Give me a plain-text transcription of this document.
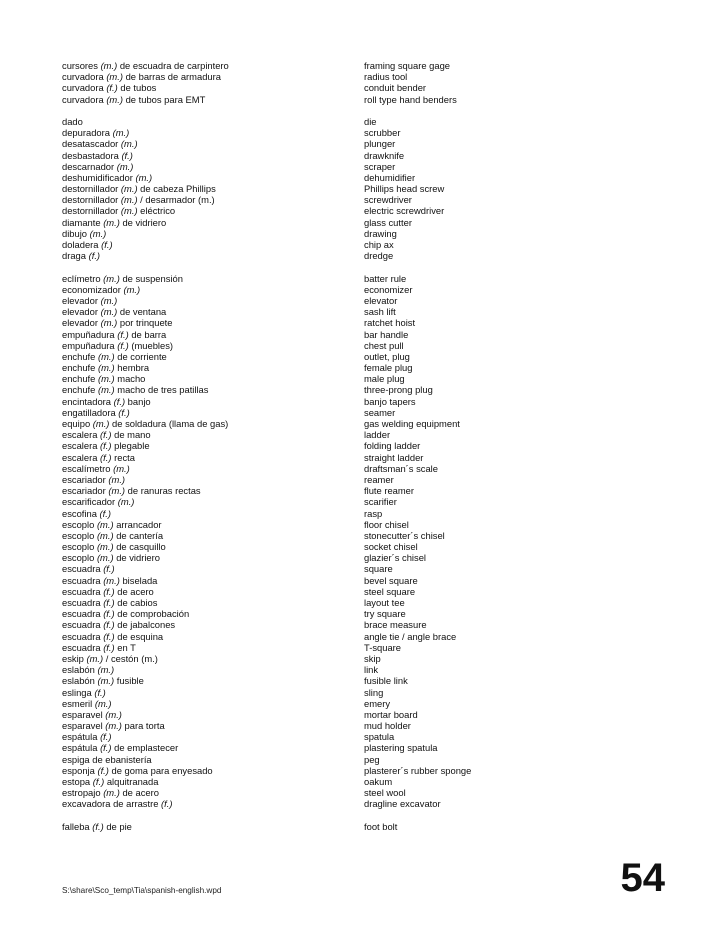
cursores (m.) de escuadra de carpintero	framing square gage
curvadora (m.) de barras de armadura	radius tool
curvadora (f.) de tubos	conduit bender
curvadora (m.) de tubos para EMT	roll type hand benders
dado	die
depuradora (m.)	scrubber
desatascador (m.)	plunger
desbastadora (f.)	drawknife
descarnador (m.)	scraper
deshumidificador (m.)	dehumidifier
destornillador (m.) de cabeza Phillips	Phillips head screw
destornillador (m.) / desarmador (m.)	screwdriver
destornillador (m.) eléctrico	electric screwdriver
diamante (m.) de vidriero	glass cutter
dibujo (m.)	drawing
doladera (f.)	chip ax
draga (f.)	dredge
eclímetro (m.) de suspensión	batter rule
economizador (m.)	economizer
elevador (m.)	elevator
elevador (m.) de ventana	sash lift
elevador (m.) por trinquete	ratchet hoist
empuñadura (f.) de barra	bar handle
empuñadura (f.) (muebles)	chest pull
enchufe (m.) de corriente	outlet, plug
enchufe (m.) hembra	female plug
enchufe (m.) macho	male plug
enchufe (m.) macho de tres patillas	three-prong plug
encintadora (f.) banjo	banjo tapers
engatilladora (f.)	seamer
equipo (m.) de soldadura (llama de gas)	gas welding equipment
escalera (f.) de mano	ladder
escalera (f.) plegable	folding ladder
escalera (f.) recta	straight ladder
escalímetro (m.)	draftsman´s scale
escariador (m.)	reamer
escariador (m.) de ranuras rectas	flute reamer
escarificador (m.)	scarifier
escofina (f.)	rasp
escoplo (m.) arrancador	floor chisel
escoplo (m.) de cantería	stonecutter´s chisel
escoplo (m.) de casquillo	socket chisel
escoplo (m.) de vidriero	glazier´s chisel
escuadra (f.)	square
escuadra (m.) biselada	bevel square
escuadra (f.) de acero	steel square
escuadra (f.) de cabios	layout tee
escuadra (f.) de comprobación	try square
escuadra (f.) de jabalcones	brace measure
escuadra (f.) de esquina	angle tie / angle brace
escuadra (f.) en T	T-square
eskip (m.) / cestón (m.)	skip
eslabón (m.)	link
eslabón (m.) fusible	fusible link
eslinga (f.)	sling
esmeril (m.)	emery
esparavel (m.)	mortar board
esparavel (m.) para torta	mud holder
espátula (f.)	spatula
espátula (f.) de emplastecer	plastering spatula
espiga de ebanistería	peg
esponja (f.) de goma para enyesado	plasterer´s rubber sponge
estopa (f.) alquitranada	oakum
estropajo (m.) de acero	steel wool
excavadora de arrastre (f.)	dragline excavator
falleba (f.) de pie	foot bolt
S:\share\Sco_temp\Tia\spanish-english.wpd	54
